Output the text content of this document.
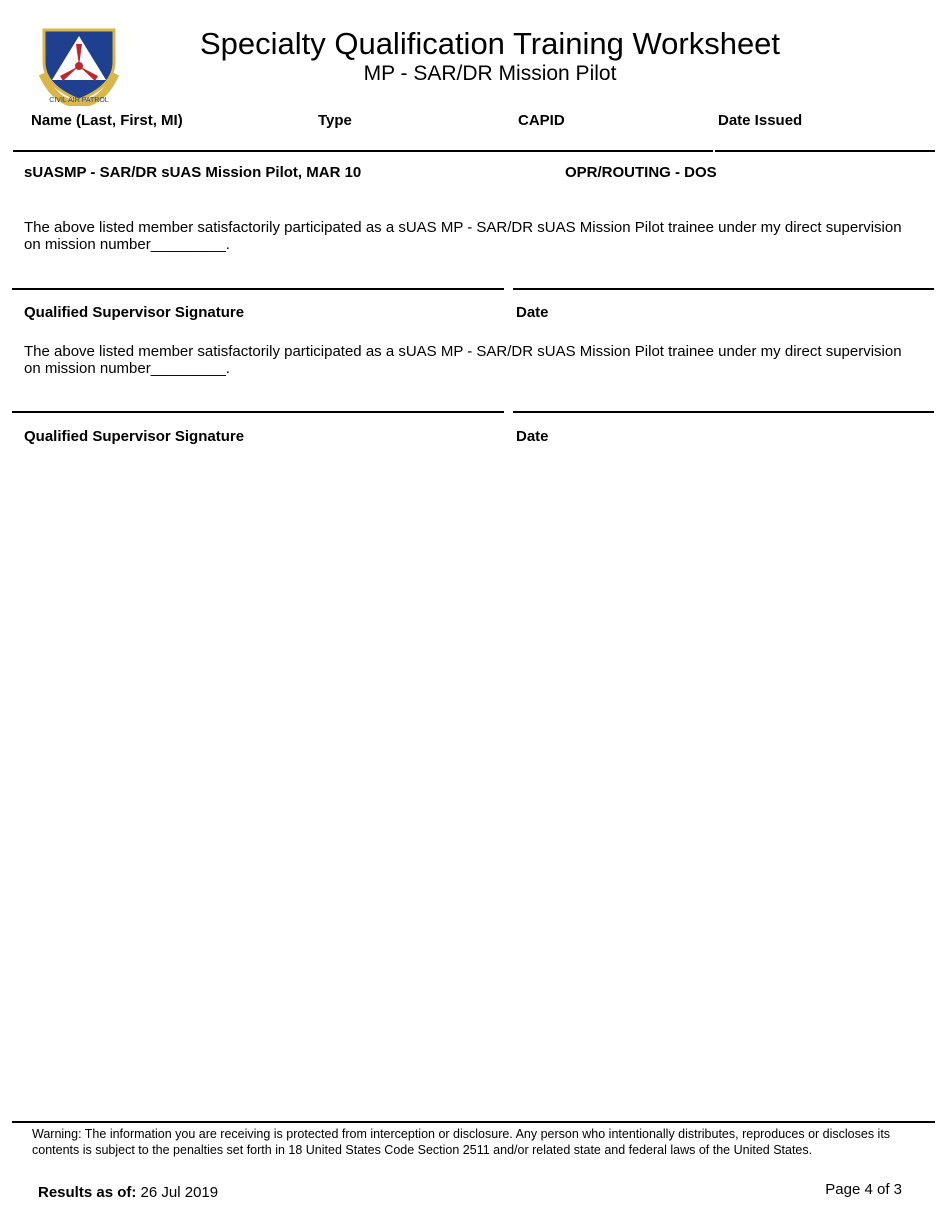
CIVIL AIR PATROL
Specialty Qualification Training Worksheet
MP - SAR/DR Mission Pilot
Name (Last, First, MI)	Type	CAPID	Date Issued
sUASMP - SAR/DR sUAS Mission Pilot, MAR 10	OPR/ROUTING - DOS
The above listed member satisfactorily participated as a sUAS MP - SAR/DR sUAS Mission Pilot trainee under my direct supervision on mission number_________.
Qualified Supervisor Signature	Date
The above listed member satisfactorily participated as a sUAS MP - SAR/DR sUAS Mission Pilot trainee under my direct supervision on mission number_________.
Qualified Supervisor Signature	Date
Warning: The information you are receiving is protected from interception or disclosure. Any person who intentionally distributes, reproduces or discloses its contents is subject to the penalties set forth in 18 United States Code Section 2511 and/or related state and federal laws of the United States.
Results as of: 26 Jul 2019	Page 4 of 3
